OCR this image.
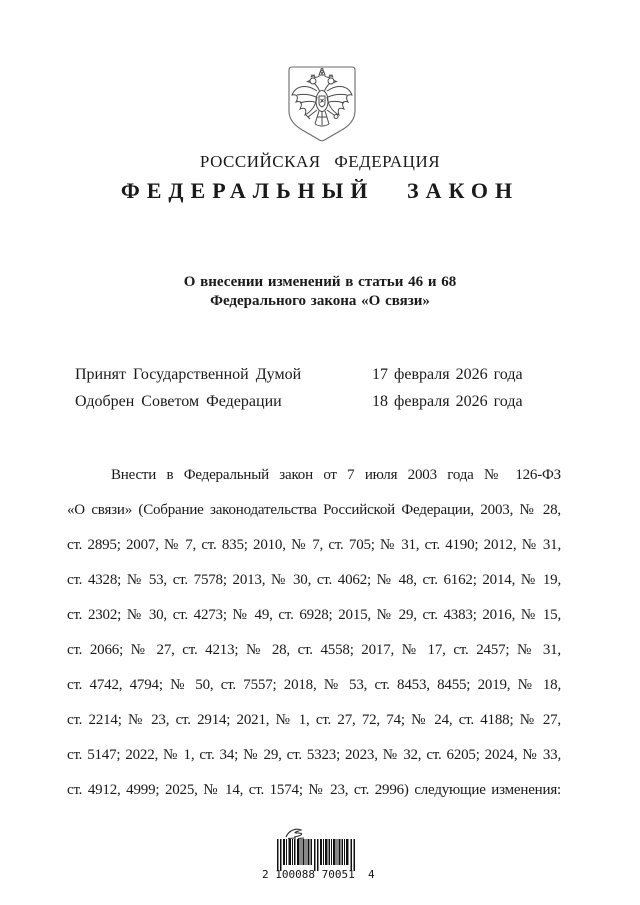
РОССИЙСКАЯ ФЕДЕРАЦИЯ
ФЕДЕРАЛЬНЫЙ ЗАКОН
О внесении изменений в статьи 46 и 68
Федерального закона «О связи»
Принят Государственной Думой	17 февраля 2026 года
Одобрен Советом Федерации	18 февраля 2026 года
Внести в Федеральный закон от 7 июля 2003 года № 126-ФЗ
«О связи» (Собрание законодательства Российской Федерации, 2003, № 28,
ст. 2895; 2007, № 7, ст. 835; 2010, № 7, ст. 705; № 31, ст. 4190; 2012, № 31,
ст. 4328; № 53, ст. 7578; 2013, № 30, ст. 4062; № 48, ст. 6162; 2014, № 19,
ст. 2302; № 30, ст. 4273; № 49, ст. 6928; 2015, № 29, ст. 4383; 2016, № 15,
ст. 2066; № 27, ст. 4213; № 28, ст. 4558; 2017, № 17, ст. 2457; № 31,
ст. 4742, 4794; № 50, ст. 7557; 2018, № 53, ст. 8453, 8455; 2019, № 18,
ст. 2214; № 23, ст. 2914; 2021, № 1, ст. 27, 72, 74; № 24, ст. 4188; № 27,
ст. 5147; 2022, № 1, ст. 34; № 29, ст. 5323; 2023, № 32, ст. 6205; 2024, № 33,
ст. 4912, 4999; 2025, № 14, ст. 1574; № 23, ст. 2996) следующие изменения:
2 100088 70051  4
